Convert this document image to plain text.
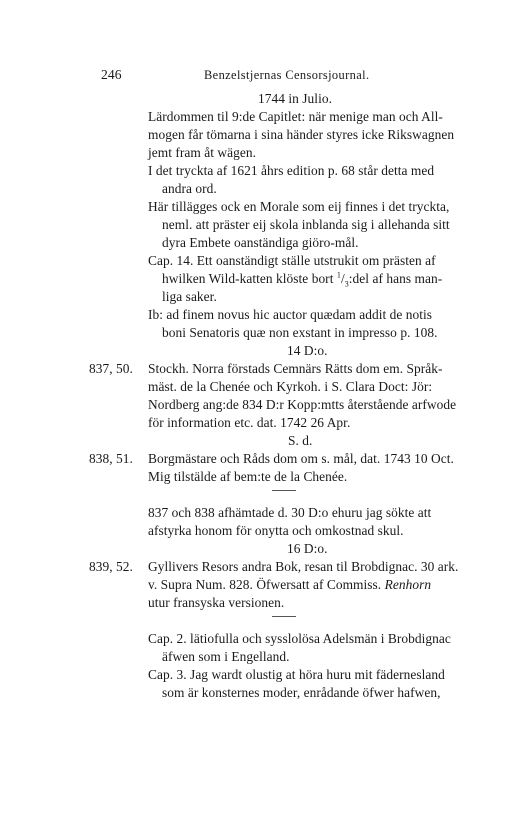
246	Benzelstjernas Censorsjournal.
1744 in Julio.
Lärdommen til 9:de Capitlet: när menige man och All-
mogen får tömarna i sina händer styres icke Rikswagnen
jemt fram åt wägen.
I det tryckta af 1621 åhrs edition p. 68 står detta med
andra ord.
Här tillägges ock en Morale som eij finnes i det tryckta,
neml. att präster eij skola inblanda sig i allehanda sitt
dyra Embete oanständiga giöro-mål.
Cap. 14. Ett oanständigt ställe utstrukit om prästen af
hwilken Wild-katten klöste bort $^1/_3:del$ af hans man-
liga saker.
Ib: ad finem novus hic auctor quædam addit de notis
boni Senatoris quæ non exstant in impresso p. 108.
14 D:o.
837, 50. Stockh. Norra förstads Cemnärs Rätts dom em. Språk-
mäst. de la Chenée och Kyrkoh. i S. Clara Doct: Jör:
Nordberg ang:de 834 D:r Kopp:mtts återstående arfwode
för information etc. dat. 1742 26 Apr.
S. d.
838, 51. Borgmästare och Råds dom om s. mål, dat. 1743 10 Oct.
Mig tilstälde af bem:te de la Chenée.
837 och 838 afhämtade d. 30 D:o ehuru jag sökte att
afstyrka honom för onytta och omkostnad skul.
16 D:o.
839, 52. Gyllivers Resors andra Bok, resan til Brobdignac. 30 ark.
v. Supra Num. 828. Öfwersatt af Commiss. Renhorn
utur fransyska versionen.
Cap. 2. lätiofulla och sysslolösa Adelsmän i Brobdignac
äfwen som i Engelland.
Cap. 3. Jag wardt olustig at höra huru mit fädernesland
som är konsternes moder, enrådande öfwer hafwen,
